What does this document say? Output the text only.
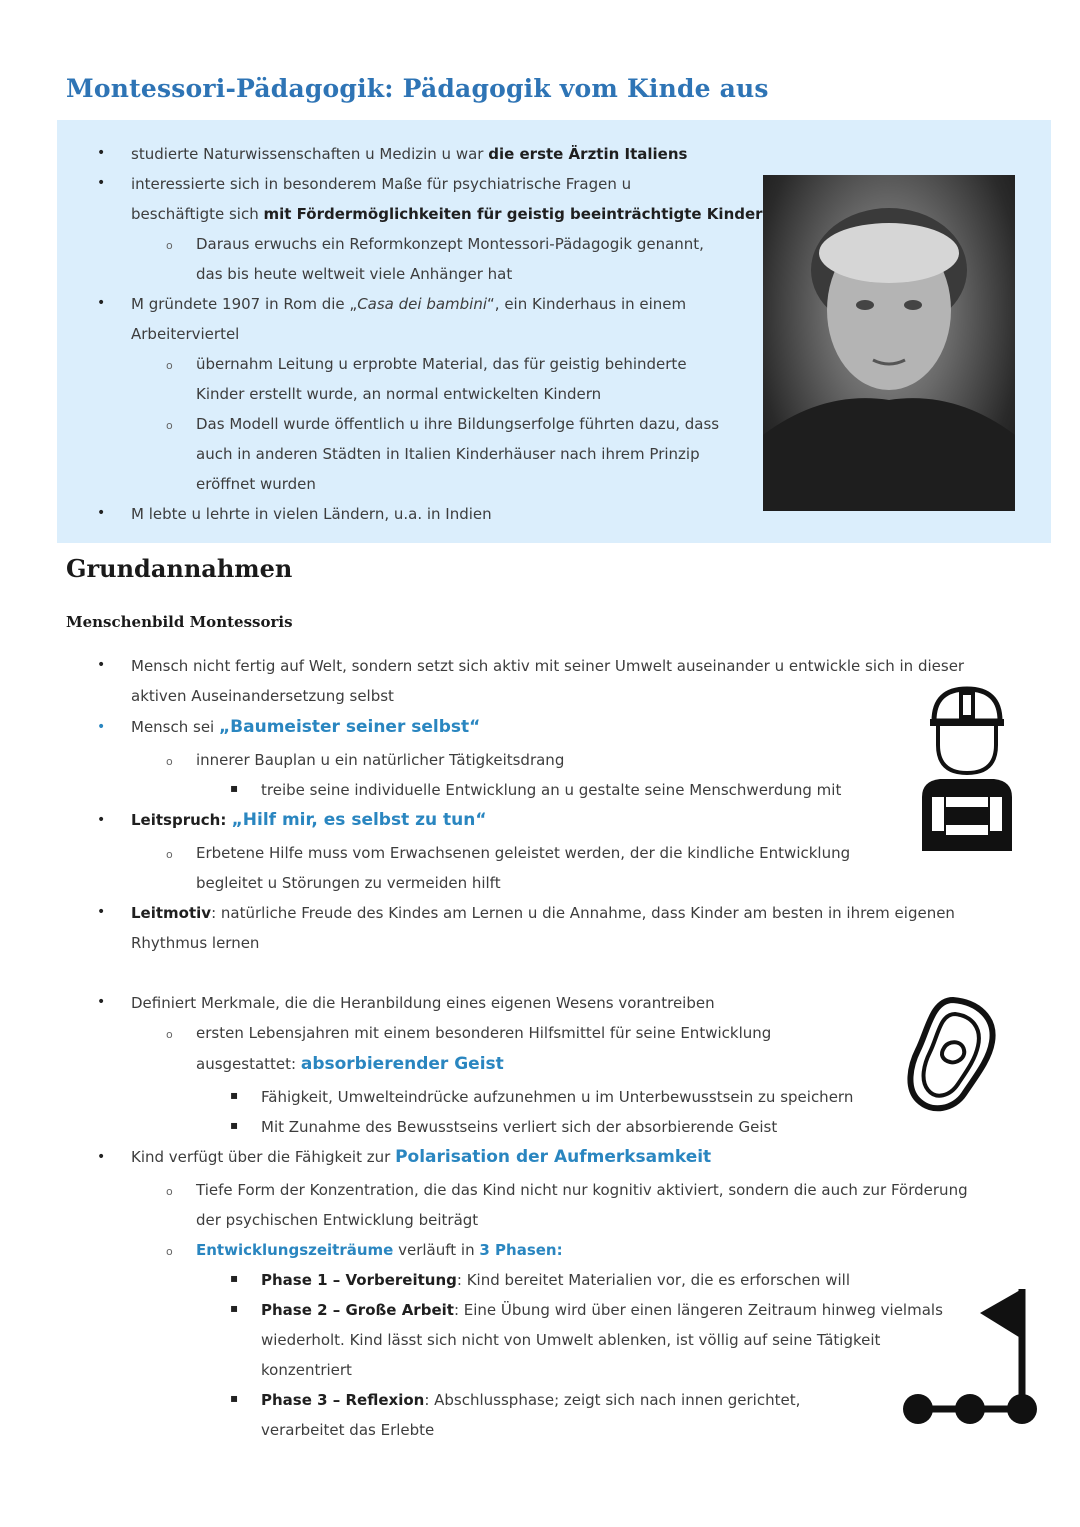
Montessori-Pädagogik: Pädagogik vom Kinde aus
•
studierte Naturwissenschaften u Medizin u war die erste Ärztin Italiens
•
interessierte sich in besonderem Maße für psychiatrische Fragen u
beschäftigte sich mit Fördermöglichkeiten für geistig beeinträchtigte Kinder
o
Daraus erwuchs ein Reformkonzept Montessori-Pädagogik genannt,
das bis heute weltweit viele Anhänger hat
•
M gründete 1907 in Rom die „Casa dei bambini“, ein Kinderhaus in einem
Arbeiterviertel
o
übernahm Leitung u erprobte Material, das für geistig behinderte
Kinder erstellt wurde, an normal entwickelten Kindern
o
Das Modell wurde öffentlich u ihre Bildungserfolge führten dazu, dass
auch in anderen Städten in Italien Kinderhäuser nach ihrem Prinzip
eröffnet wurden
•
M lebte u lehrte in vielen Ländern, u.a. in Indien
Grundannahmen
Menschenbild Montessoris
•
Mensch nicht fertig auf Welt, sondern setzt sich aktiv mit seiner Umwelt auseinander u entwickle sich in dieser
aktiven Auseinandersetzung selbst
•
Mensch sei „Baumeister seiner selbst“
o
innerer Bauplan u ein natürlicher Tätigkeitsdrang
▪
treibe seine individuelle Entwicklung an u gestalte seine Menschwerdung mit
•
Leitspruch: „Hilf mir, es selbst zu tun“
o
Erbetene Hilfe muss vom Erwachsenen geleistet werden, der die kindliche Entwicklung
begleitet u Störungen zu vermeiden hilft
•
Leitmotiv: natürliche Freude des Kindes am Lernen u die Annahme, dass Kinder am besten in ihrem eigenen
Rhythmus lernen
•
Definiert Merkmale, die die Heranbildung eines eigenen Wesens vorantreiben
o
ersten Lebensjahren mit einem besonderen Hilfsmittel für seine Entwicklung
ausgestattet: absorbierender Geist
▪
Fähigkeit, Umwelteindrücke aufzunehmen u im Unterbewusstsein zu speichern
▪
Mit Zunahme des Bewusstseins verliert sich der absorbierende Geist
•
Kind verfügt über die Fähigkeit zur Polarisation der Aufmerksamkeit
o
Tiefe Form der Konzentration, die das Kind nicht nur kognitiv aktiviert, sondern die auch zur Förderung
der psychischen Entwicklung beiträgt
o
Entwicklungszeiträume verläuft in 3 Phasen:
▪
Phase 1 – Vorbereitung: Kind bereitet Materialien vor, die es erforschen will
▪
Phase 2 – Große Arbeit: Eine Übung wird über einen längeren Zeitraum hinweg vielmals
wiederholt. Kind lässt sich nicht von Umwelt ablenken, ist völlig auf seine Tätigkeit
konzentriert
▪
Phase 3 – Reflexion: Abschlussphase; zeigt sich nach innen gerichtet,
verarbeitet das Erlebte
